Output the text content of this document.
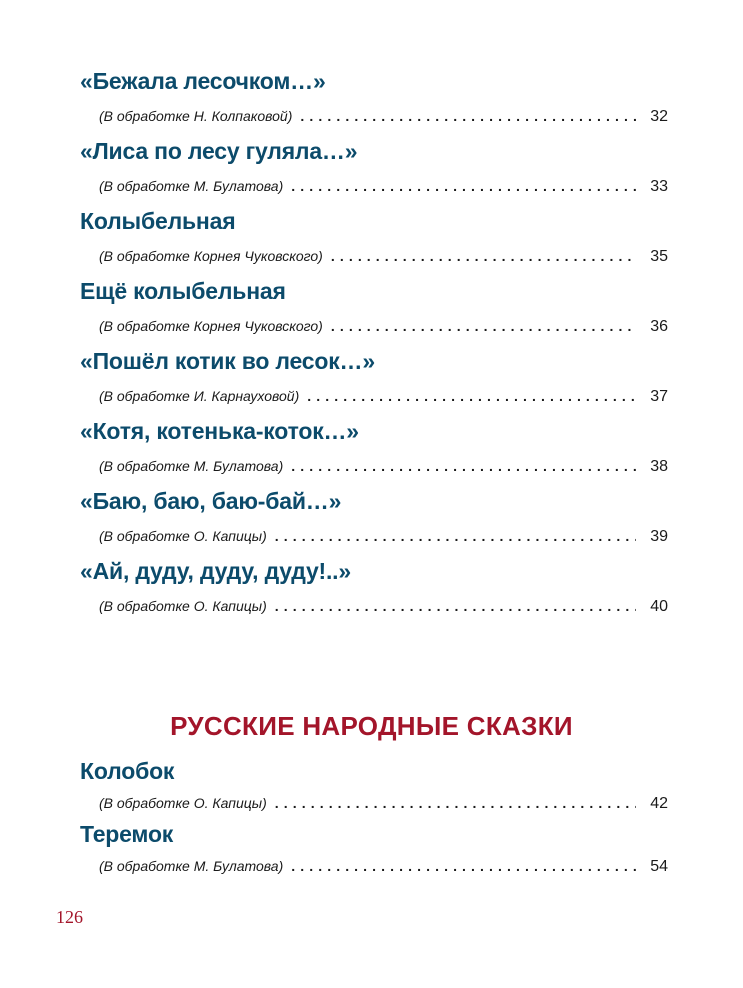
«Бежала лесочком…»
(В обработке Н. Колпаковой) .....	32
«Лиса по лесу гуляла…»
(В обработке М. Булатова) .....	33
Колыбельная
(В обработке Корнея Чуковского) .....	35
Ещё колыбельная
(В обработке Корнея Чуковского) .....	36
«Пошёл котик во лесок…»
(В обработке И. Карнауховой) .....	37
«Котя, котенька-коток…»
(В обработке М. Булатова) .....	38
«Баю, баю, баю-бай…»
(В обработке О. Капицы) .....	39
«Ай, дуду, дуду, дуду!..»
(В обработке О. Капицы) .....	40
РУССКИЕ НАРОДНЫЕ СКАЗКИ
Колобок
(В обработке О. Капицы) .....	42
Теремок
(В обработке М. Булатова) .....	54
126
